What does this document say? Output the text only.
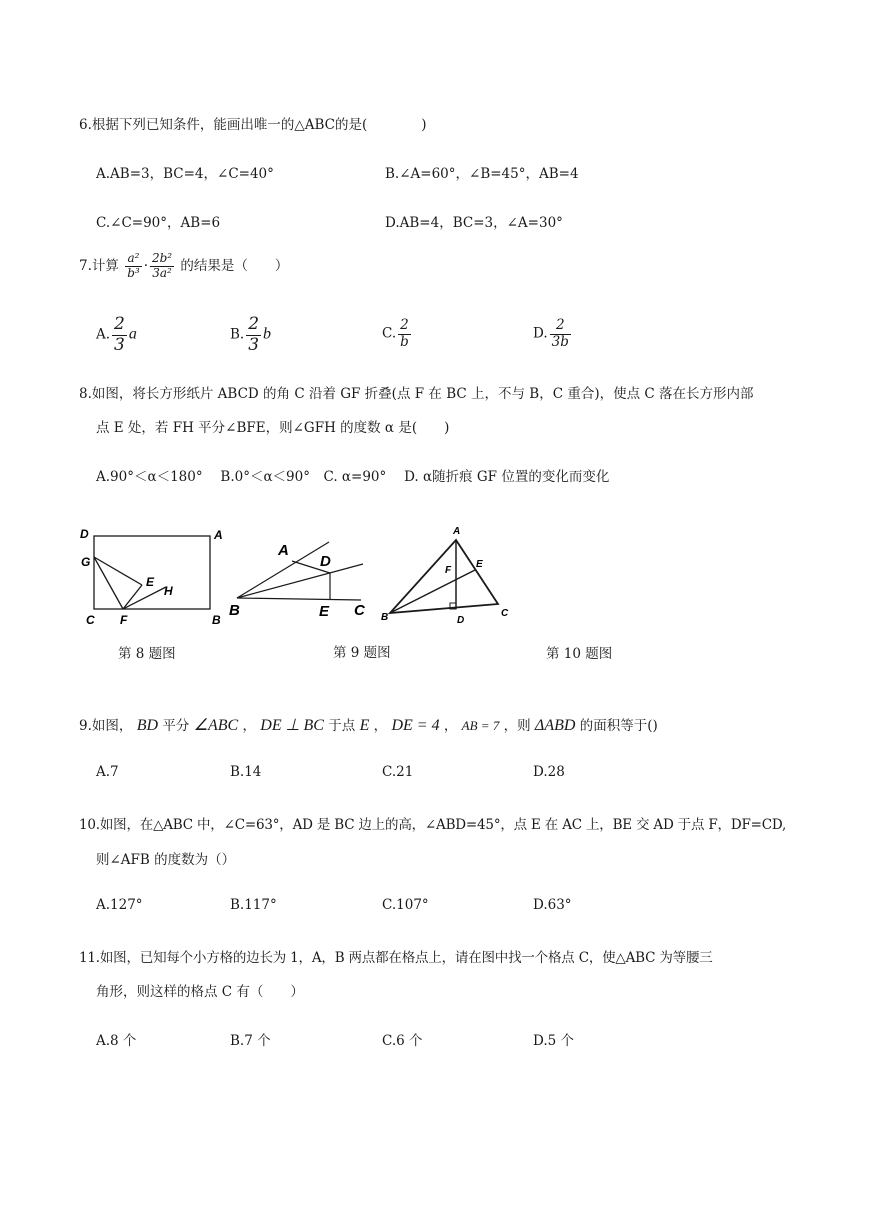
6.根据下列已知条件，能画出唯一的△ABC的是(　　　　)
A.AB=3，BC=4，∠C=40°	B.∠A=60°，∠B=45°，AB=4
C.∠C=90°，AB=6	D.AB=4，BC=3，∠A=30°
7.计算 $\frac{\text{a²}}{\text{b³}} \cdot \frac{\text{2b²}}{\text{3a²}}$ 的结果是（　　）
A. $\frac{2}{3}$ a	B. $\frac{2}{3}$ b	C. $\frac{2}{b}$	D. $\frac{2}{3b}$
8.如图，将长方形纸片 ABCD 的角 C 沿着 GF 折叠(点 F 在 BC 上，不与 B，C 重合)，使点 C 落在长方形内部
点 E 处，若 FH 平分∠BFE，则∠GFH 的度数 α 是(　　)
A.90°＜α＜180°　 B.0°＜α＜90°　C. α=90°　 D. α随折痕 GF 位置的变化而变化
D	A
G
E
H
C F	B
A
D
B	E C
A
E
F
B	D
C
第 8 题图	第 9 题图	第 10 题图
9.如图， BD 平分 ∠ABC ， DE ⊥ BC 于点 E ， DE = 4 ， AB = 7 ，则 ΔABD 的面积等于()
A.7	B.14	C.21	D.28
10.如图，在△ABC 中，∠C=63°，AD 是 BC 边上的高，∠ABD=45°，点 E 在 AC 上，BE 交 AD 于点 F，DF=CD,
则∠AFB 的度数为（）
A.127°	B.117°	C.107°	D.63°
11.如图，已知每个小方格的边长为 1，A，B 两点都在格点上，请在图中找一个格点 C，使△ABC 为等腰三
角形，则这样的格点 C 有（　　）
A.8 个	B.7 个	C.6 个	D.5 个
